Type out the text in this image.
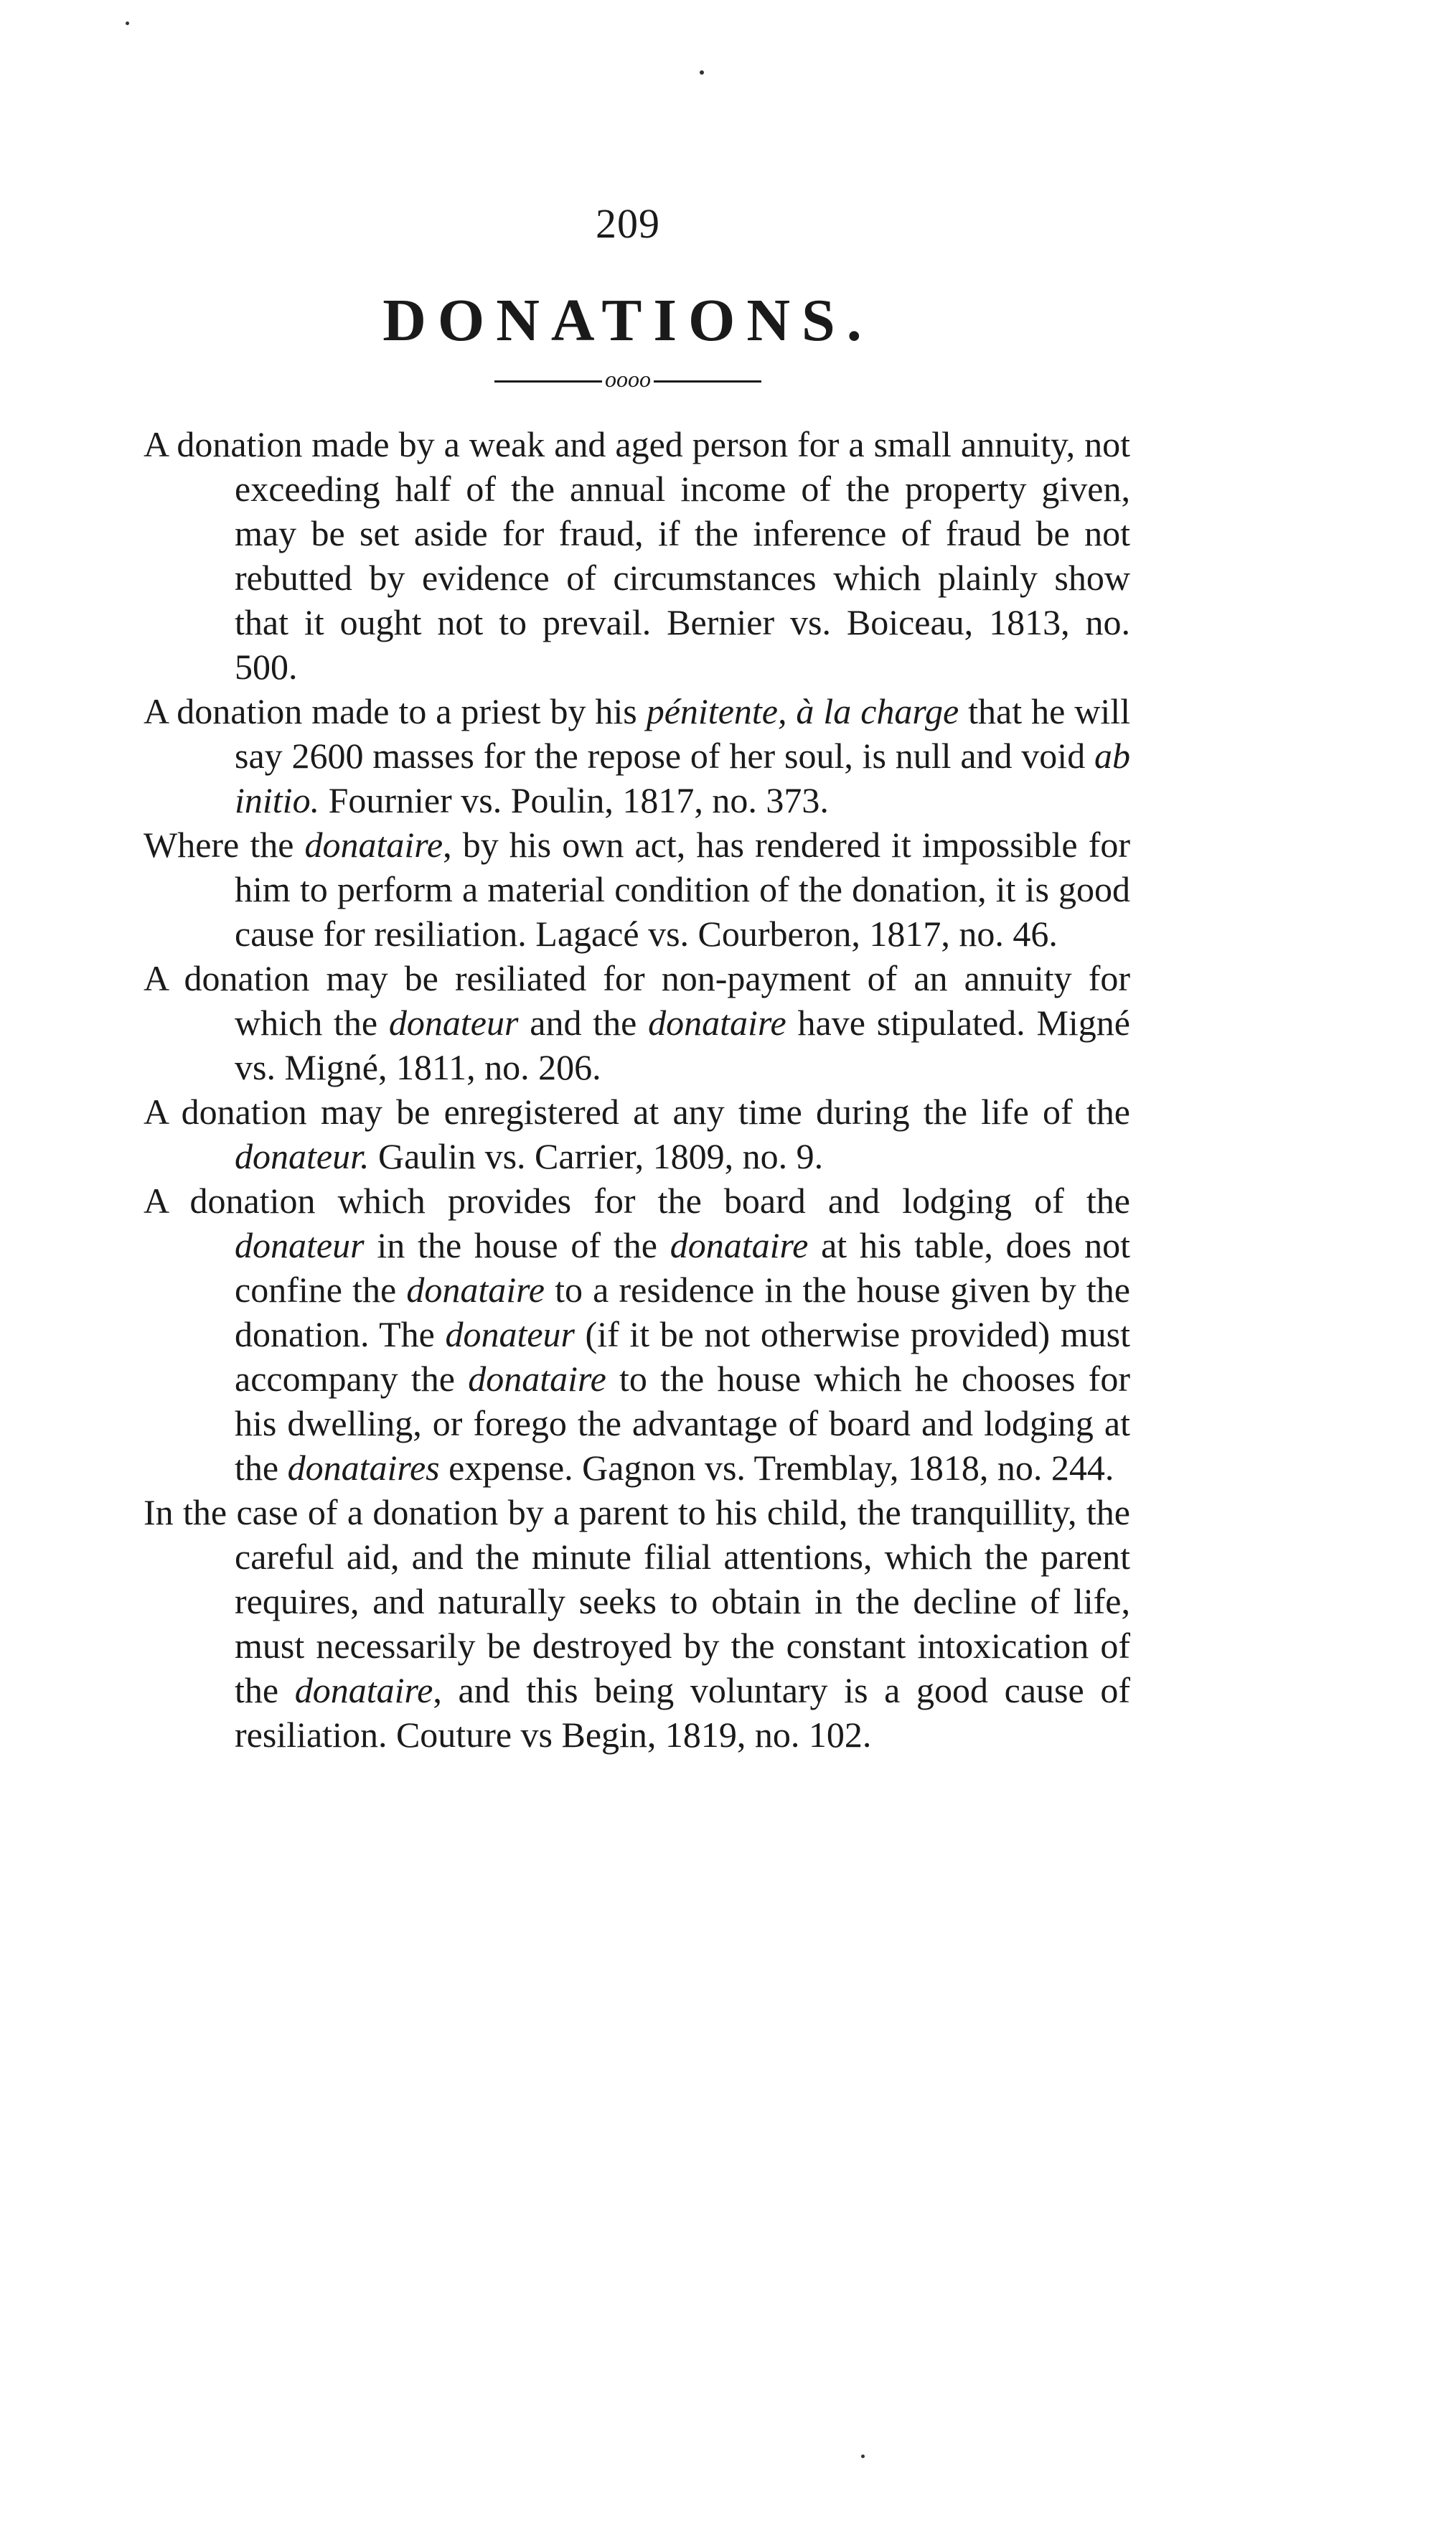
209
DONATIONS.
oooo

A donation made by a weak and aged person for a small annuity, not exceeding half of the annual income of the property given, may be set aside for fraud, if the inference of fraud be not rebutted by evidence of circumstances which plainly show that it ought not to prevail. Bernier vs. Boiceau, 1813, no. 500.

A donation made to a priest by his pénitente, à la charge that he will say 2600 masses for the repose of her soul, is null and void ab initio. Fournier vs. Poulin, 1817, no. 373.

Where the donataire, by his own act, has rendered it impossible for him to perform a material condition of the donation, it is good cause for resiliation. Lagacé vs. Courberon, 1817, no. 46.

A donation may be resiliated for non-payment of an annuity for which the donateur and the donataire have stipulated. Migné vs. Migné, 1811, no. 206.

A donation may be enregistered at any time during the life of the donateur. Gaulin vs. Carrier, 1809, no. 9.

A donation which provides for the board and lodging of the donateur in the house of the donataire at his table, does not confine the donataire to a residence in the house given by the donation. The donateur (if it be not otherwise provided) must accompany the donataire to the house which he chooses for his dwelling, or forego the advantage of board and lodging at the donataires expense. Gagnon vs. Tremblay, 1818, no. 244.

In the case of a donation by a parent to his child, the tranquillity, the careful aid, and the minute filial attentions, which the parent requires, and naturally seeks to obtain in the decline of life, must necessarily be destroyed by the constant intoxication of the donataire, and this being voluntary is a good cause of resiliation. Couture vs Begin, 1819, no. 102.
